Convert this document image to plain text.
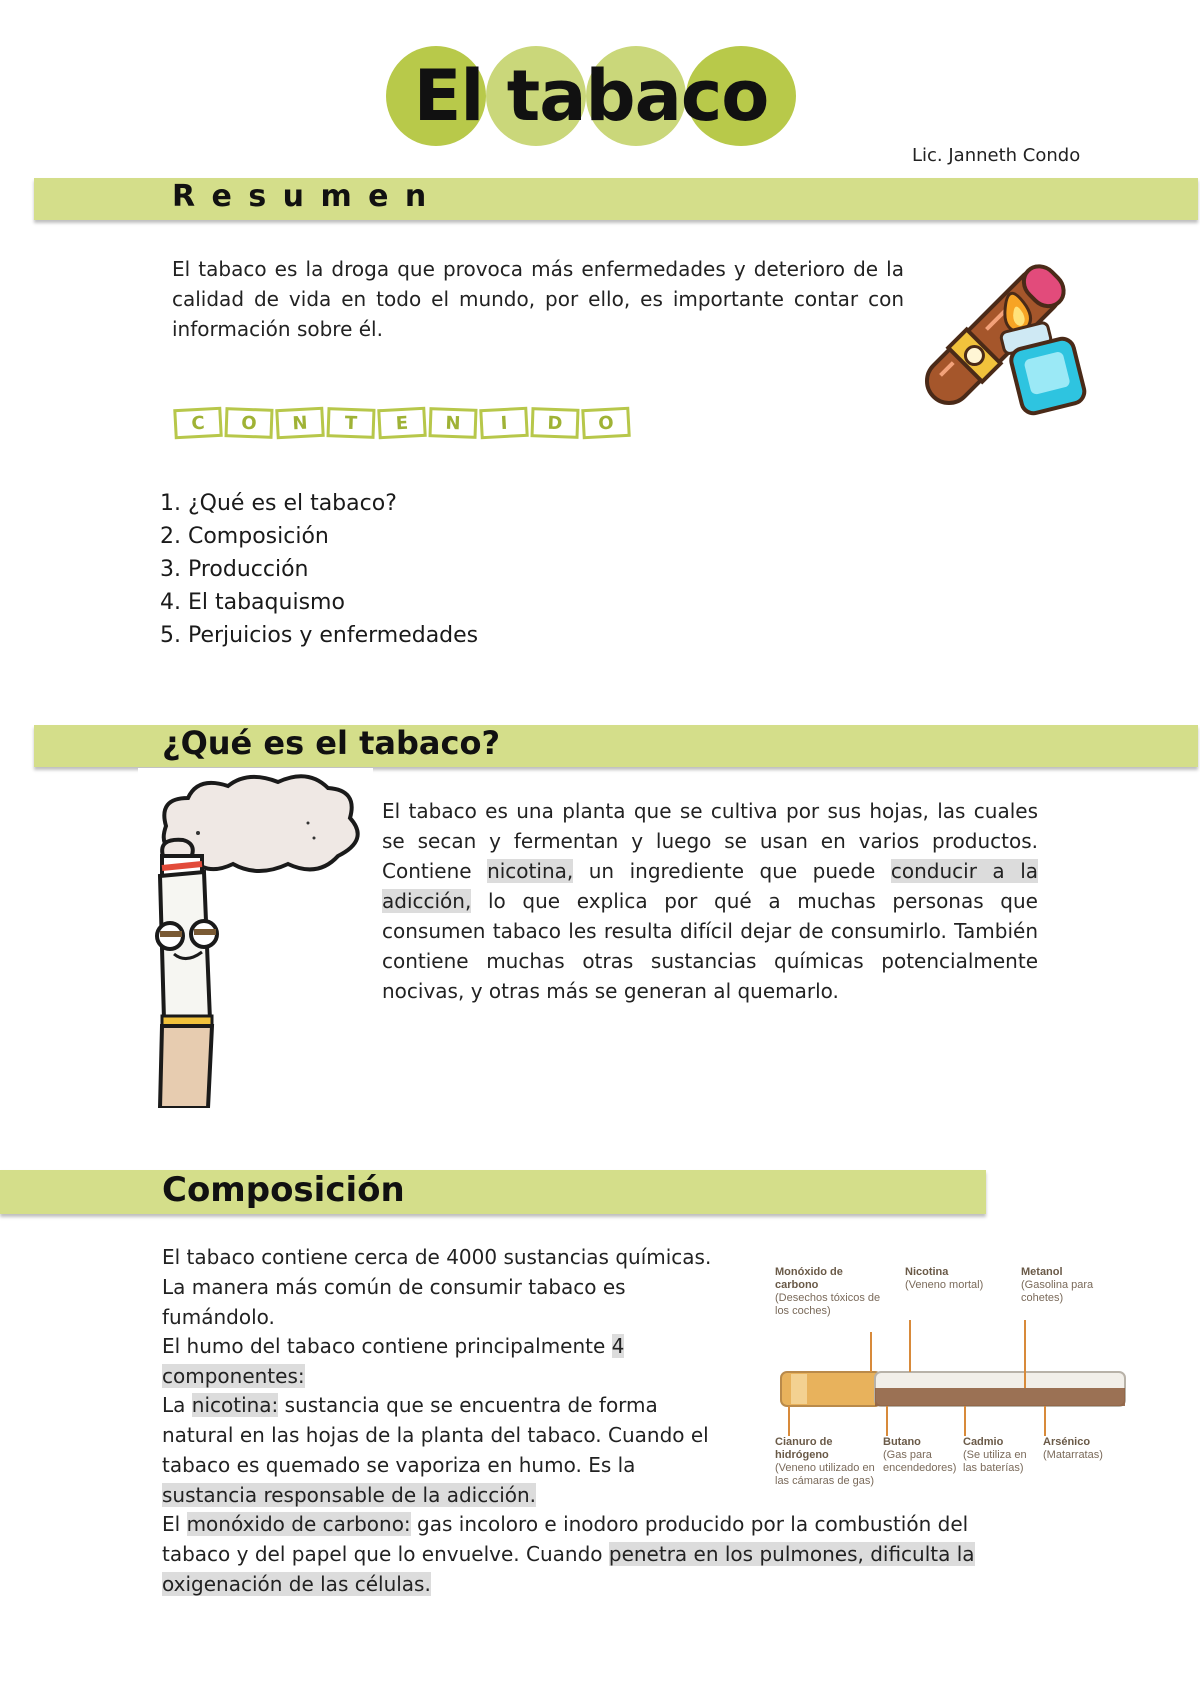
El tabaco
Lic. Janneth Condo
R e s u m e n
El tabaco es la droga que provoca más enfermedades y deterioro de la calidad de vida en todo el mundo, por ello, es importante contar con información sobre él.
C	O	N	T	E	N	I	D	O
1. ¿Qué es el tabaco?
2. Composición
3. Producción
4. El tabaquismo
5. Perjuicios y enfermedades
¿Qué es el tabaco?
El tabaco es una planta que se cultiva por sus hojas, las cuales se secan y fermentan y luego se usan en varios productos. Contiene nicotina, un ingrediente que puede conducir a la adicción, lo que explica por qué a muchas personas que consumen tabaco les resulta difícil dejar de consumirlo. También contiene muchas otras sustancias químicas potencialmente nocivas, y otras más se generan al quemarlo.
Composición
El tabaco contiene cerca de 4000 sustancias químicas.
La manera más común de consumir tabaco es fumándolo.
El humo del tabaco contiene principalmente 4 componentes:
La nicotina: sustancia que se encuentra de forma natural en las hojas de la planta del tabaco. Cuando el tabaco es quemado se vaporiza en humo. Es la sustancia responsable de la adicción.
El monóxido de carbono: gas incoloro e inodoro producido por la combustión del tabaco y del papel que lo envuelve. Cuando penetra en los pulmones, dificulta la oxigenación de las células.
Monóxido de carbono
(Desechos tóxicos de los coches)
Nicotina
(Veneno mortal)
Metanol
(Gasolina para cohetes)
Cianuro de hidrógeno
(Veneno utilizado en las cámaras de gas)
Butano
(Gas para encendedores)
Cadmio
(Se utiliza en las baterías)
Arsénico
(Matarratas)
